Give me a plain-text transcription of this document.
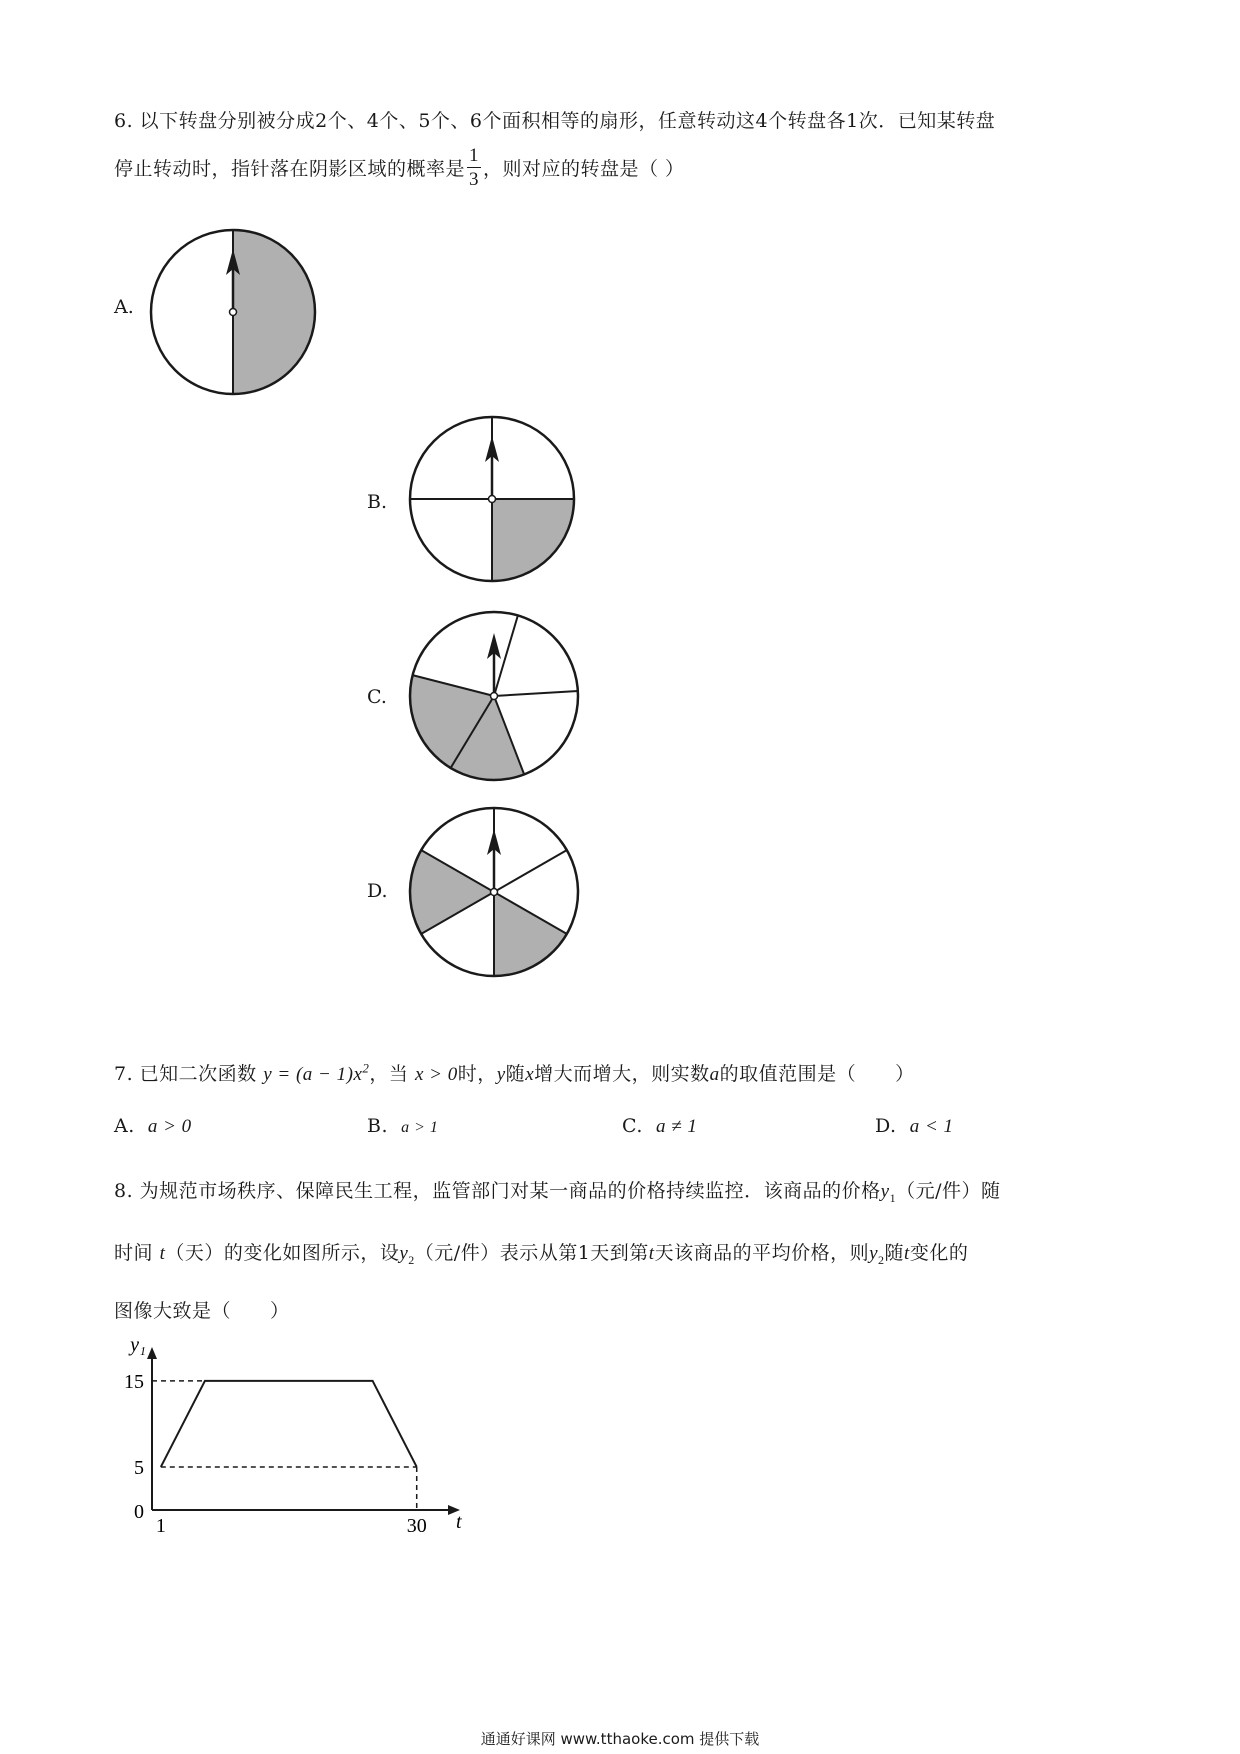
6. 以下转盘分别被分成2个、4个、5个、6个面积相等的扇形，任意转动这4个转盘各1次．已知某转盘
停止转动时，指针落在阴影区域的概率是 $\frac{1}{3}$ ，则对应的转盘是（ ）
A.
B.
C.
D.
7. 已知二次函数 $y = (a - 1)x^2$，当 x > 0时，y随x增大而增大，则实数a的取值范围是（　　）
A. a > 0	B. a > 1	C. a ≠ 1	D. a < 1
8. 为规范市场秩序、保障民生工程，监管部门对某一商品的价格持续监控．该商品的价格$y_1$（元/件）随
时间 t（天）的变化如图所示，设$y_2$（元/件）表示从第1天到第t天该商品的平均价格，则$y_2$随t变化的
图像大致是（　　）
15
5
0
1	30 t
y₁
通通好课网 www.tthaoke.com 提供下载
